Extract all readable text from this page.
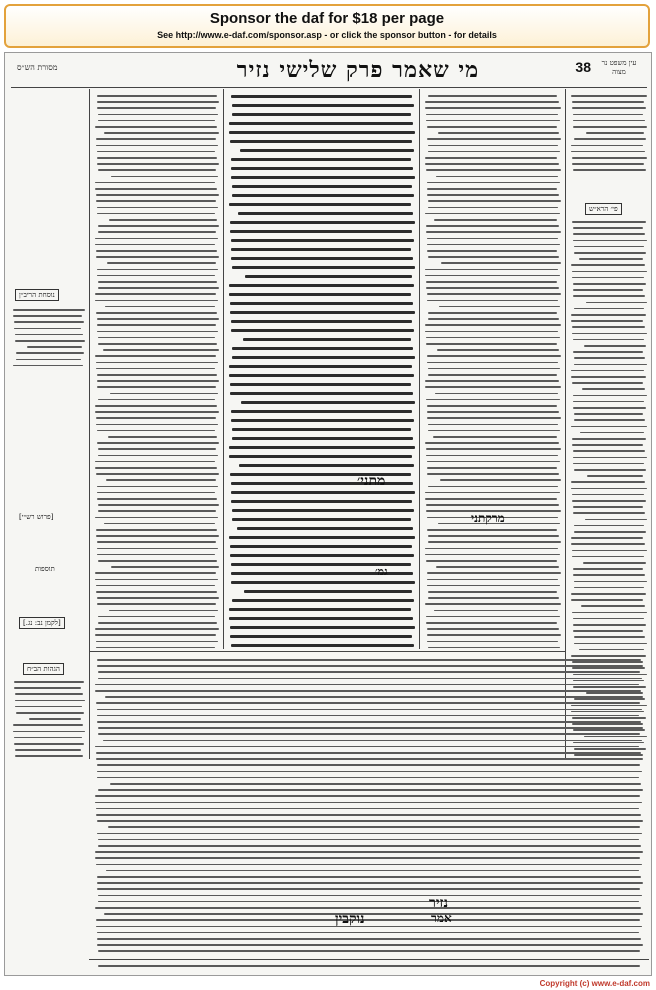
Sponsor the daf for $18 per page
See http://www.e-daf.com/sponsor.asp - or click the sponsor button - for details
מסורת הש״ס	מי שאמר פרק שלישי נזיר	38	עין משפט נר מצוה
נוסחת הריב״ן
[פרוש רש״י]
תוספות
[לקמן נב: נג.]
הגהות הב״ח
מתני׳
גמ׳
מרקתני
פי׳ הרא״ש
נזיר
נוקבין	אמר
Copyright (c) www.e-daf.com
